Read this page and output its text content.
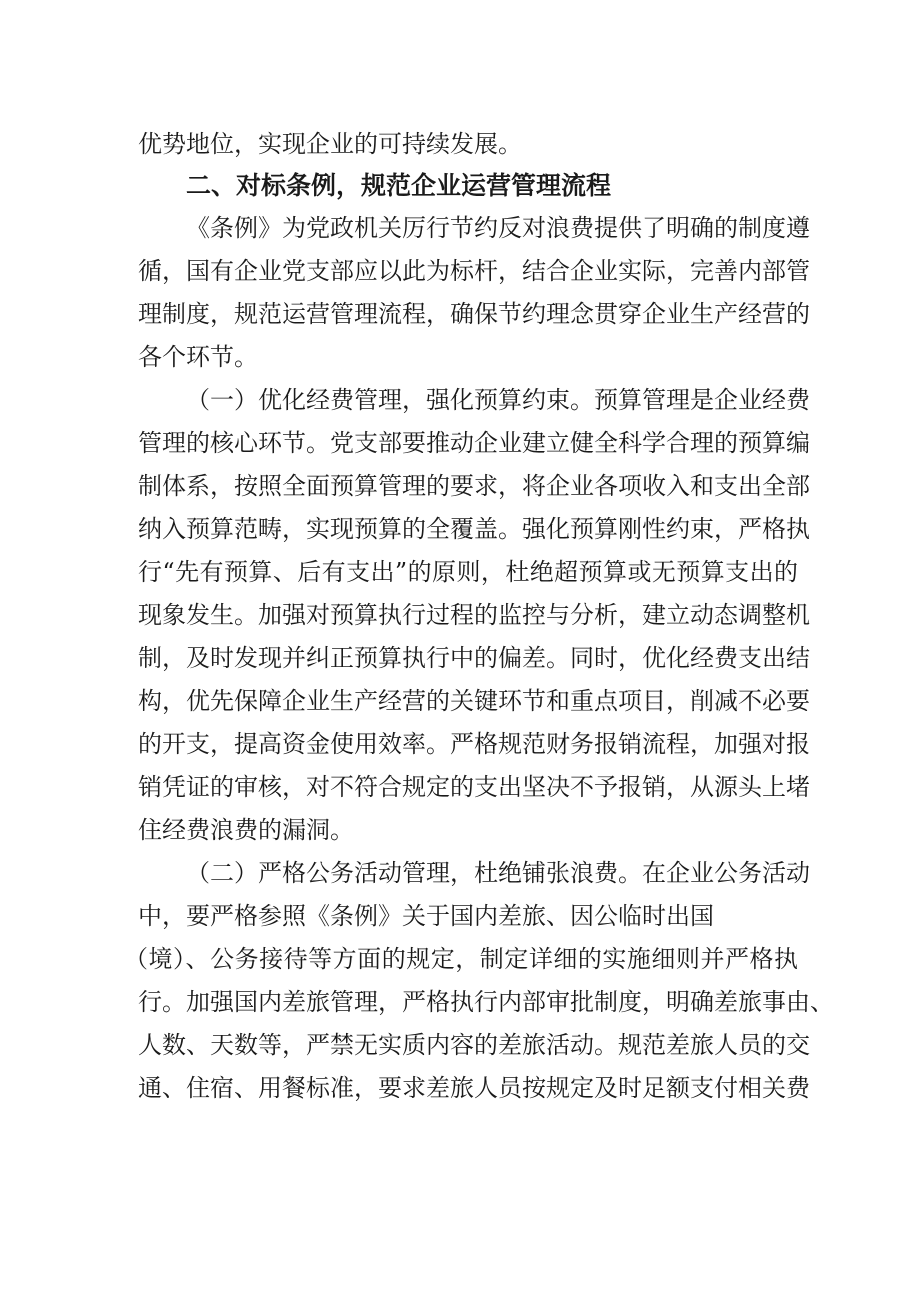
优势地位，实现企业的可持续发展。
二、对标条例，规范企业运营管理流程
《条例》为党政机关厉行节约反对浪费提供了明确的制度遵
循，国有企业党支部应以此为标杆，结合企业实际，完善内部管
理制度，规范运营管理流程，确保节约理念贯穿企业生产经营的
各个环节。
（一）优化经费管理，强化预算约束。预算管理是企业经费
管理的核心环节。党支部要推动企业建立健全科学合理的预算编
制体系，按照全面预算管理的要求，将企业各项收入和支出全部
纳入预算范畴，实现预算的全覆盖。强化预算刚性约束，严格执
行“先有预算、后有支出”的原则，杜绝超预算或无预算支出的
现象发生。加强对预算执行过程的监控与分析，建立动态调整机
制，及时发现并纠正预算执行中的偏差。同时，优化经费支出结
构，优先保障企业生产经营的关键环节和重点项目，削减不必要
的开支，提高资金使用效率。严格规范财务报销流程，加强对报
销凭证的审核，对不符合规定的支出坚决不予报销，从源头上堵
住经费浪费的漏洞。
（二）严格公务活动管理，杜绝铺张浪费。在企业公务活动
中，要严格参照《条例》关于国内差旅、因公临时出国
（境）、公务接待等方面的规定，制定详细的实施细则并严格执
行。加强国内差旅管理，严格执行内部审批制度，明确差旅事由、
人数、天数等，严禁无实质内容的差旅活动。规范差旅人员的交
通、住宿、用餐标准，要求差旅人员按规定及时足额支付相关费
